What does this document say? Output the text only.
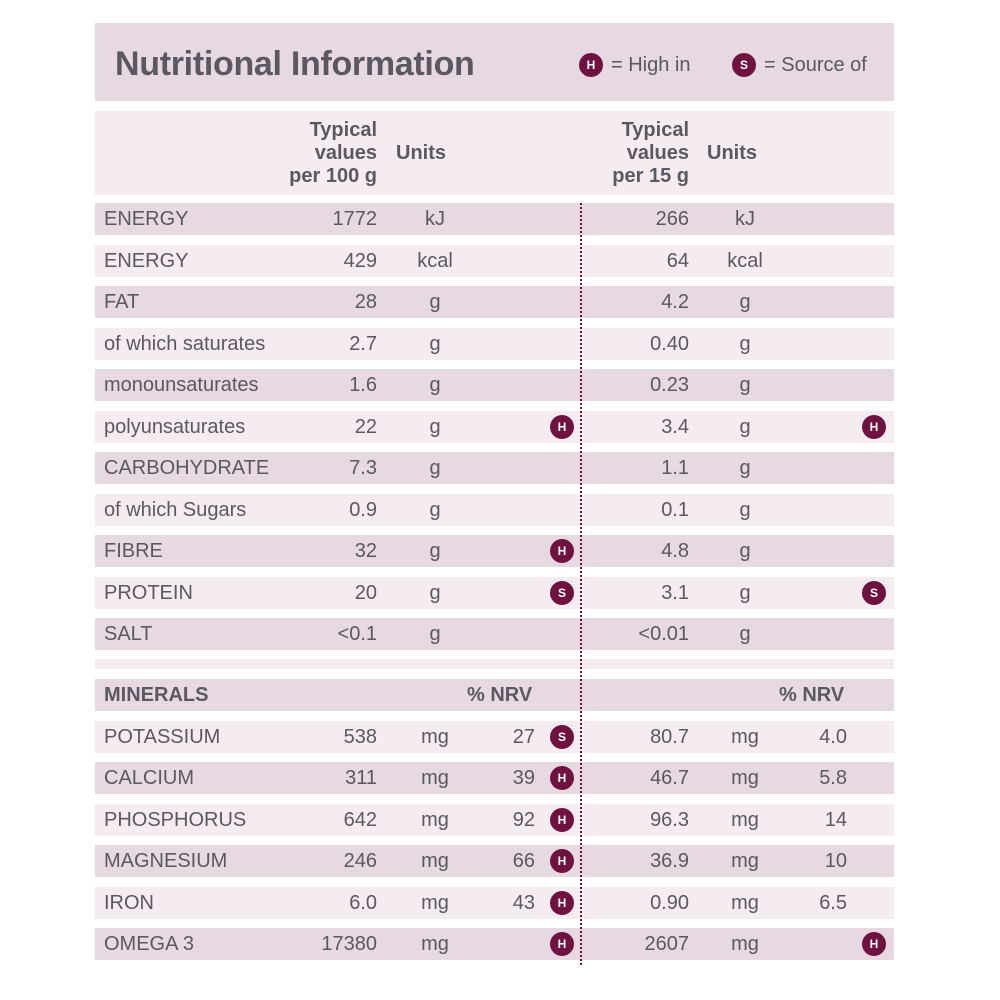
Nutritional Information	H = High in	S = Source of
Typical
values
per 100 g
Units
Typical
values
per 15 g
Units
ENERGY	1772	kJ	266	kJ
ENERGY	429	kcal	64	kcal
FAT	28	g	4.2	g
of which saturates	2.7	g	0.40	g
monounsaturates	1.6	g	0.23	g
polyunsaturates	22	g	H	3.4	g	H
CARBOHYDRATE	7.3	g	1.1	g
of which Sugars	0.9	g	0.1	g
FIBRE	32	g	H	4.8	g
PROTEIN	20	g	S	3.1	g	S
SALT	<0.1	g	<0.01	g
MINERALS	% NRV	% NRV
POTASSIUM	538	mg	27	S	80.7	mg	4.0
CALCIUM	311	mg	39	H	46.7	mg	5.8
PHOSPHORUS	642	mg	92	H	96.3	mg	14
MAGNESIUM	246	mg	66	H	36.9	mg	10
IRON	6.0	mg	43	H	0.90	mg	6.5
OMEGA 3	17380	mg	H	2607	mg	H
